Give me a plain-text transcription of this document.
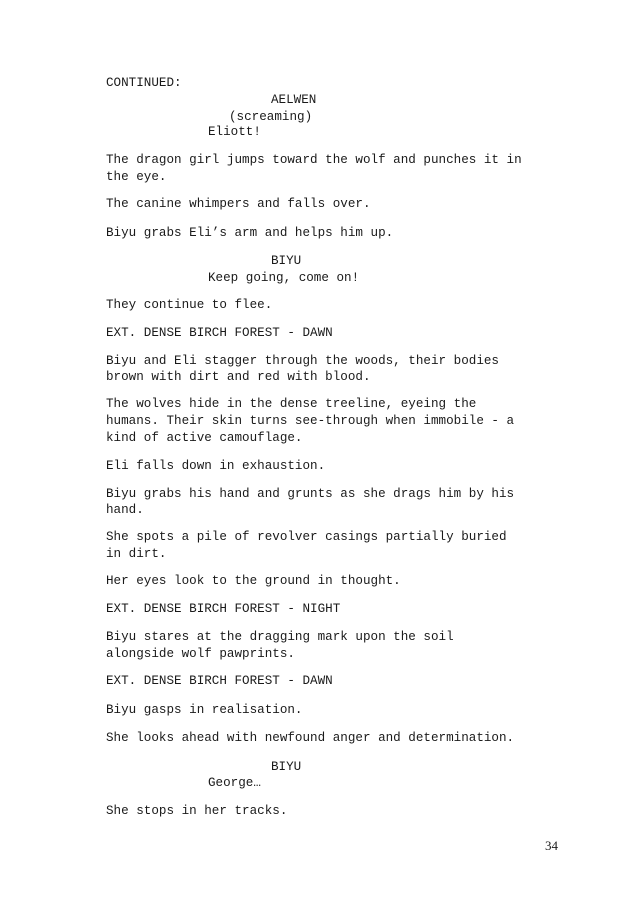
CONTINUED:
AELWEN
(screaming)
Eliott!
The dragon girl jumps toward the wolf and punches it in
the eye.
The canine whimpers and falls over.
Biyu grabs Eli’s arm and helps him up.
BIYU
Keep going, come on!
They continue to flee.
EXT. DENSE BIRCH FOREST - DAWN
Biyu and Eli stagger through the woods, their bodies
brown with dirt and red with blood.
The wolves hide in the dense treeline, eyeing the
humans. Their skin turns see-through when immobile - a
kind of active camouflage.
Eli falls down in exhaustion.
Biyu grabs his hand and grunts as she drags him by his
hand.
She spots a pile of revolver casings partially buried
in dirt.
Her eyes look to the ground in thought.
EXT. DENSE BIRCH FOREST - NIGHT
Biyu stares at the dragging mark upon the soil
alongside wolf pawprints.
EXT. DENSE BIRCH FOREST - DAWN
Biyu gasps in realisation.
She looks ahead with newfound anger and determination.
BIYU
George…
She stops in her tracks.
34
